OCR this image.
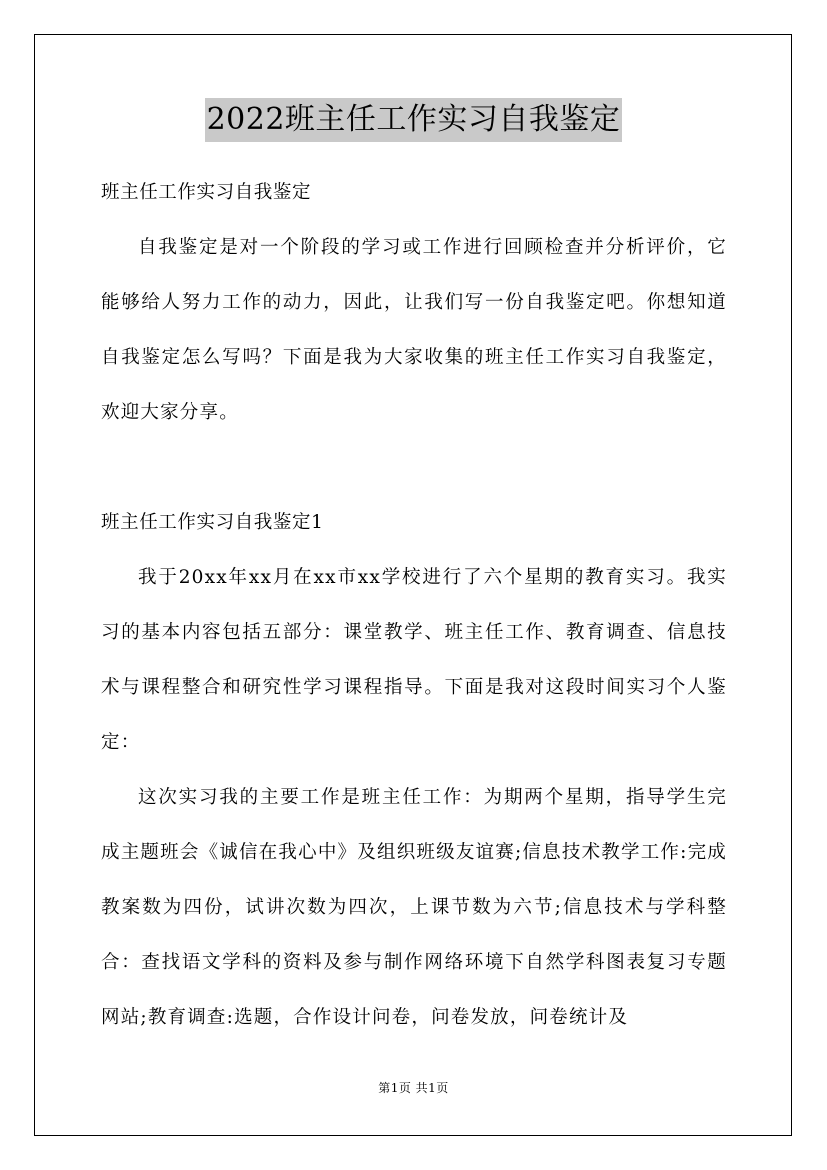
2022班主任工作实习自我鉴定

班主任工作实习自我鉴定

自我鉴定是对一个阶段的学习或工作进行回顾检查并分析评价，它能够给人努力工作的动力，因此，让我们写一份自我鉴定吧。你想知道自我鉴定怎么写吗？下面是我为大家收集的班主任工作实习自我鉴定，欢迎大家分享。

班主任工作实习自我鉴定1

我于20xx年xx月在xx市xx学校进行了六个星期的教育实习。我实习的基本内容包括五部分：课堂教学、班主任工作、教育调查、信息技术与课程整合和研究性学习课程指导。下面是我对这段时间实习个人鉴定：

这次实习我的主要工作是班主任工作：为期两个星期，指导学生完成主题班会《诚信在我心中》及组织班级友谊赛;信息技术教学工作:完成教案数为四份，试讲次数为四次，上课节数为六节;信息技术与学科整合：查找语文学科的资料及参与制作网络环境下自然学科图表复习专题网站;教育调查:选题，合作设计问卷，问卷发放，问卷统计及

第1页 共1页
